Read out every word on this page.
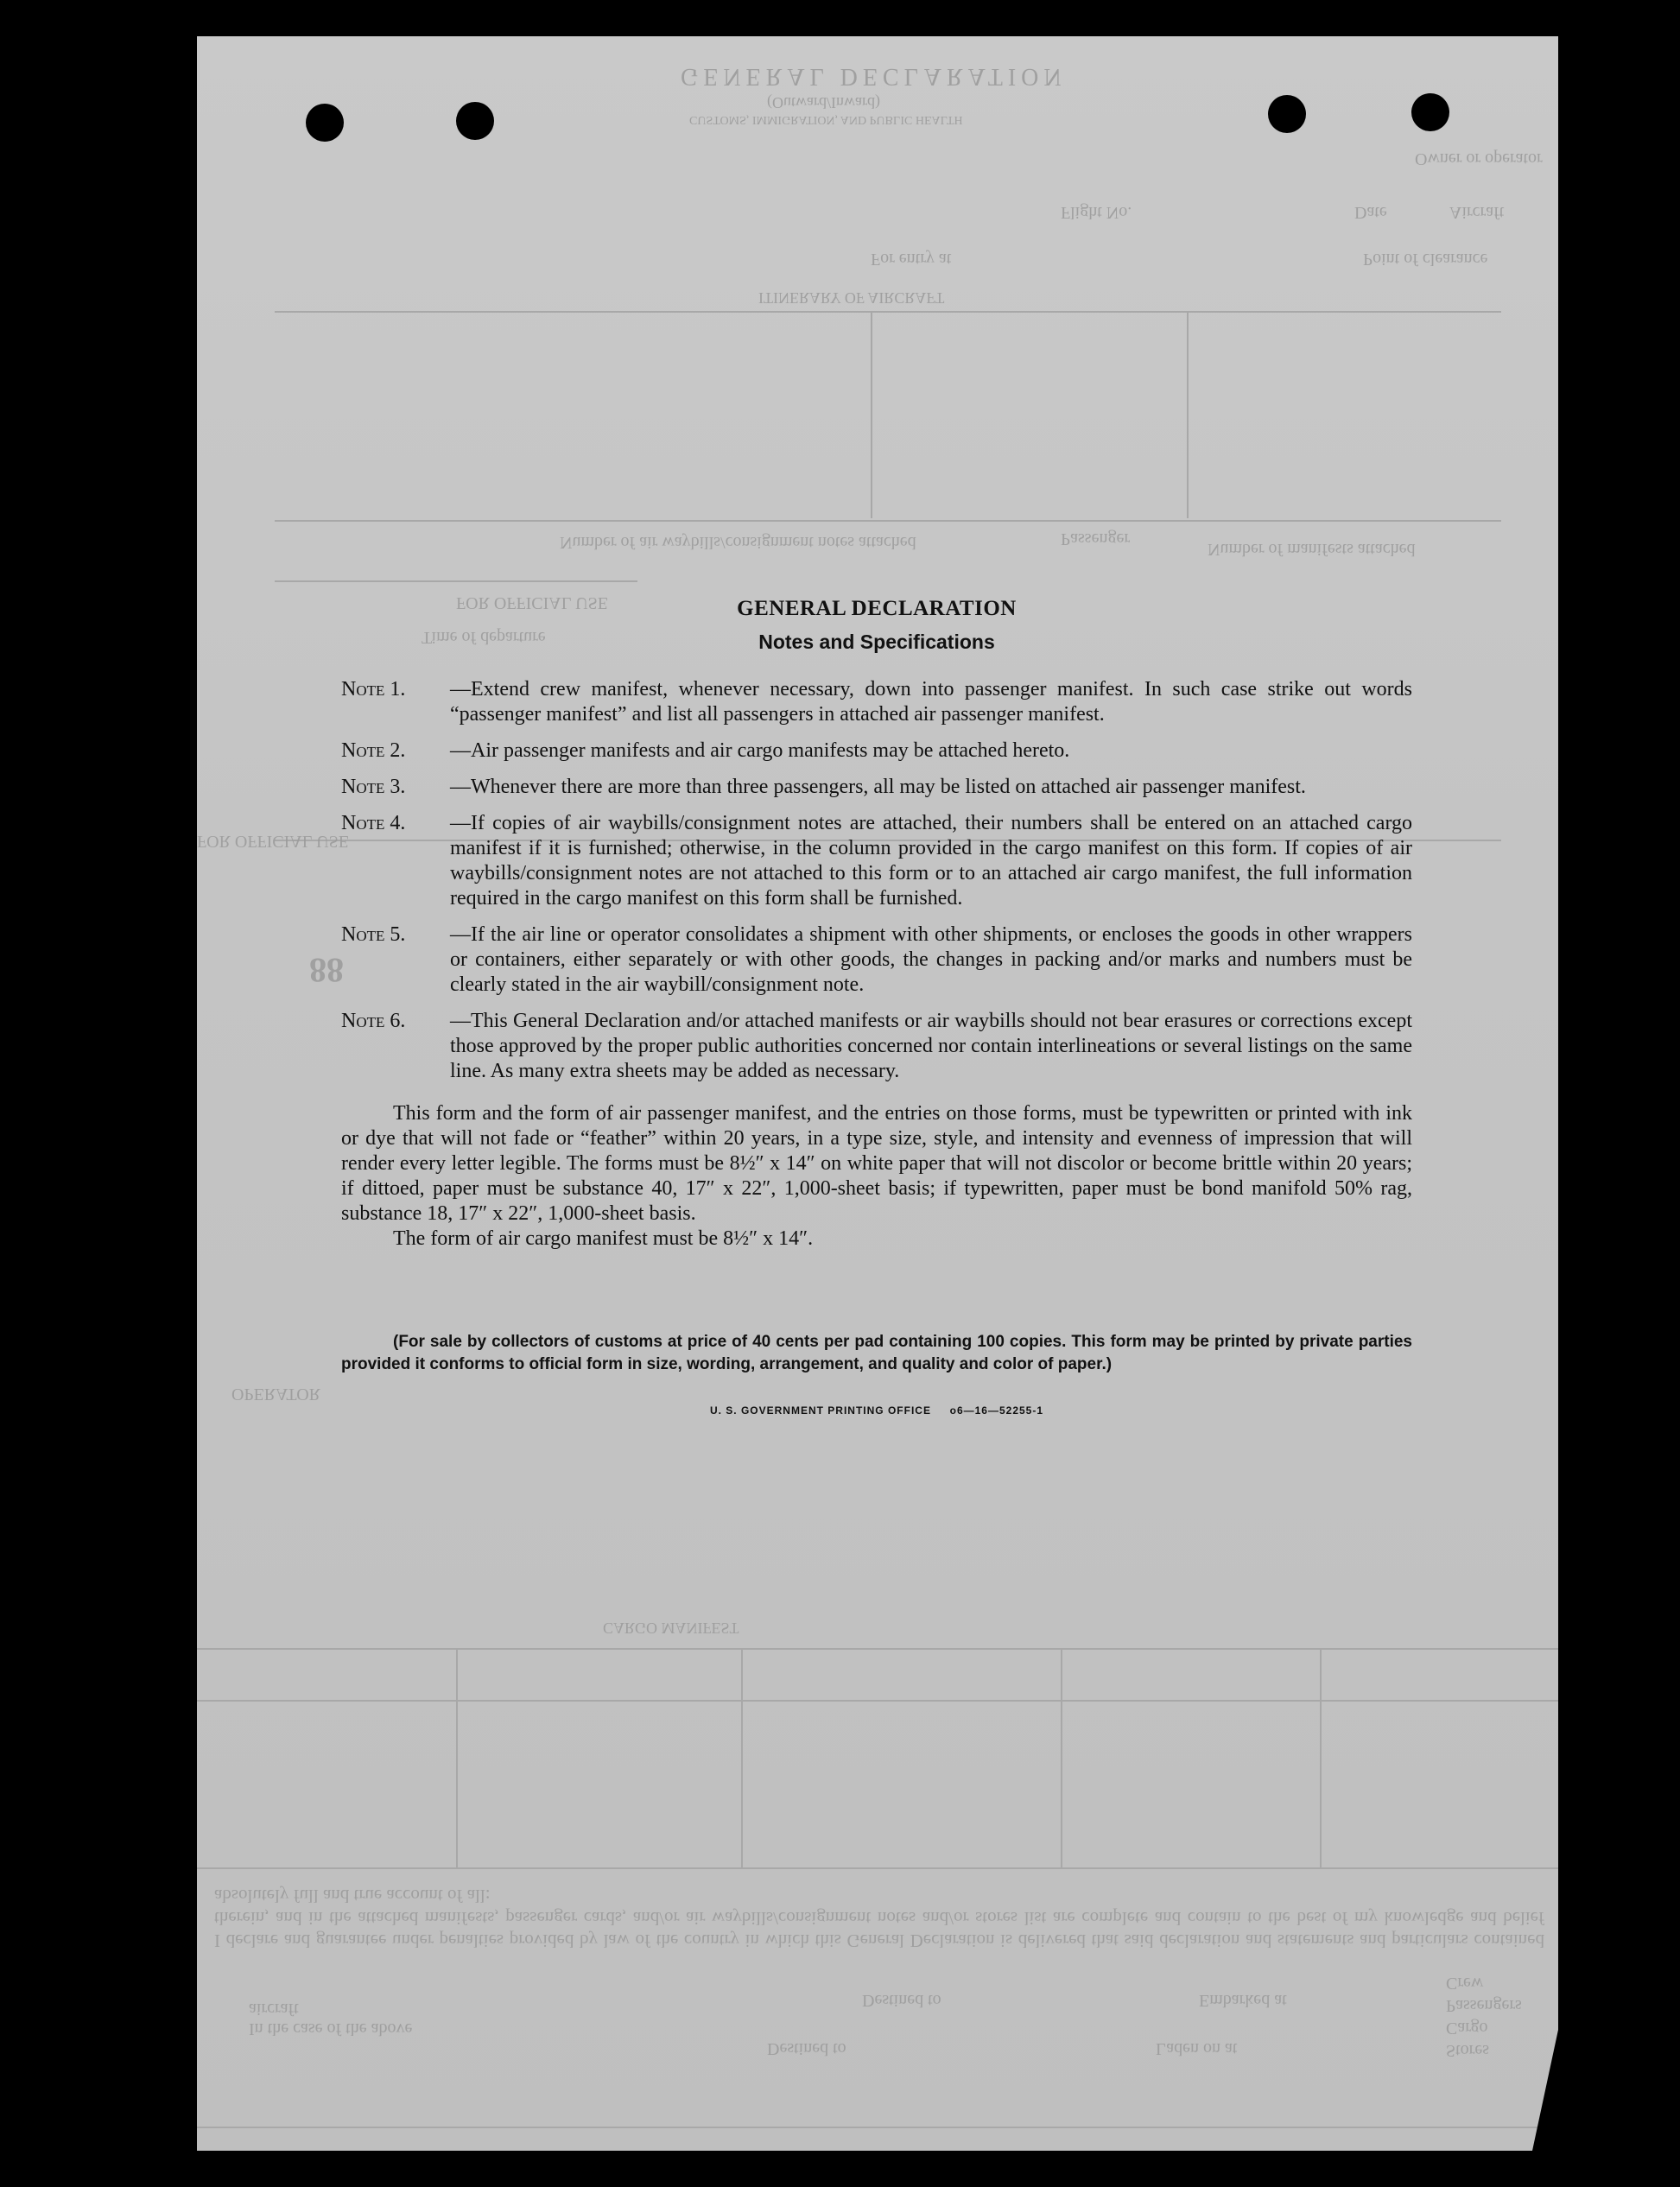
GENERAL DECLARATION
(Outward/Inward)
CUSTOMS, IMMIGRATION, AND PUBLIC HEALTH
Owner or operator
Aircraft
Flight No.	Date
Point of clearance
For entry at
ITINERARY OF AIRCRAFT
Number of manifests attached
Passenger
Number of air waybills/consignment notes attached
FOR OFFICIAL USE
Time of departure
FOR OFFICIAL USE
88
OPERATOR
CARGO MANIFEST
I declare and guarantee under penalties provided by law of the country in which this General Declaration is delivered that said declaration and statements and particulars contained therein, and in the attached manifests, passenger cards, and/or air waybills/consignment notes and/or stores list are complete and contain to the best of my knowledge and belief absolutely full and true account of all:
Crew
Passengers
Cargo
Stores
Embarked at
Laden on at
Destined to
Destined to
In the case of the above aircraft
GENERAL DECLARATION
Notes and Specifications
Note 1.	—Extend crew manifest, whenever necessary, down into passenger manifest. In such case strike out words “passenger manifest” and list all passengers in attached air passenger manifest.
Note 2.	—Air passenger manifests and air cargo manifests may be attached hereto.
Note 3.	—Whenever there are more than three passengers, all may be listed on attached air passenger manifest.
Note 4.	—If copies of air waybills/consignment notes are attached, their numbers shall be entered on an attached cargo manifest if it is furnished; otherwise, in the column provided in the cargo manifest on this form. If copies of air waybills/consignment notes are not attached to this form or to an attached air cargo manifest, the full information required in the cargo manifest on this form shall be furnished.
Note 5.	—If the air line or operator consolidates a shipment with other shipments, or encloses the goods in other wrappers or containers, either separately or with other goods, the changes in packing and/or marks and numbers must be clearly stated in the air waybill/consignment note.
Note 6.	—This General Declaration and/or attached manifests or air waybills should not bear erasures or corrections except those approved by the proper public authorities concerned nor contain interlineations or several listings on the same line. As many extra sheets may be added as necessary.
This form and the form of air passenger manifest, and the entries on those forms, must be typewritten or printed with ink or dye that will not fade or “feather” within 20 years, in a type size, style, and intensity and evenness of impression that will render every letter legible. The forms must be 8½″ x 14″ on white paper that will not discolor or become brittle within 20 years; if dittoed, paper must be substance 40, 17″ x 22″, 1,000-sheet basis; if typewritten, paper must be bond manifold 50% rag, substance 18, 17″ x 22″, 1,000-sheet basis.
The form of air cargo manifest must be 8½″ x 14″.
(For sale by collectors of customs at price of 40 cents per pad containing 100 copies. This form may be printed by private parties provided it conforms to official form in size, wording, arrangement, and quality and color of paper.)
U. S. GOVERNMENT PRINTING OFFICE     o6—16—52255-1
